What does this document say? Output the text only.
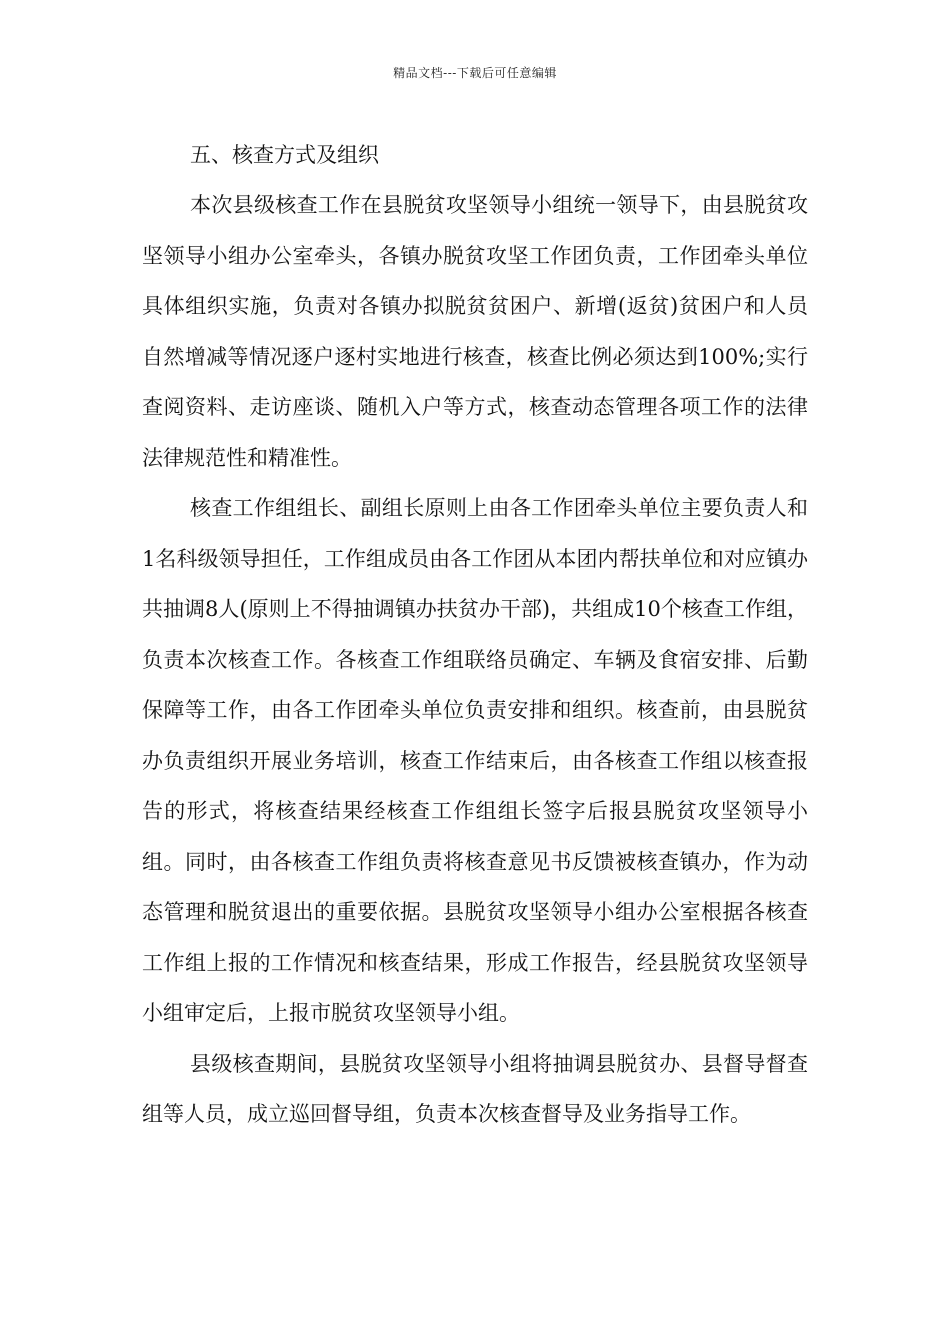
精品文档---下载后可任意编辑
五、核查方式及组织

本次县级核查工作在县脱贫攻坚领导小组统一领导下，由县脱贫攻坚领导小组办公室牵头，各镇办脱贫攻坚工作团负责，工作团牵头单位具体组织实施，负责对各镇办拟脱贫贫困户、新增(返贫)贫困户和人员自然增减等情况逐户逐村实地进行核查，核查比例必须达到100%;实行查阅资料、走访座谈、随机入户等方式，核查动态管理各项工作的法律法律规范性和精准性。

核查工作组组长、副组长原则上由各工作团牵头单位主要负责人和1名科级领导担任，工作组成员由各工作团从本团内帮扶单位和对应镇办共抽调8人(原则上不得抽调镇办扶贫办干部)，共组成10个核查工作组，负责本次核查工作。各核查工作组联络员确定、车辆及食宿安排、后勤保障等工作，由各工作团牵头单位负责安排和组织。核查前，由县脱贫办负责组织开展业务培训，核查工作结束后，由各核查工作组以核查报告的形式，将核查结果经核查工作组组长签字后报县脱贫攻坚领导小组。同时，由各核查工作组负责将核查意见书反馈被核查镇办，作为动态管理和脱贫退出的重要依据。县脱贫攻坚领导小组办公室根据各核查工作组上报的工作情况和核查结果，形成工作报告，经县脱贫攻坚领导小组审定后，上报市脱贫攻坚领导小组。

县级核查期间，县脱贫攻坚领导小组将抽调县脱贫办、县督导督查组等人员，成立巡回督导组，负责本次核查督导及业务指导工作。
